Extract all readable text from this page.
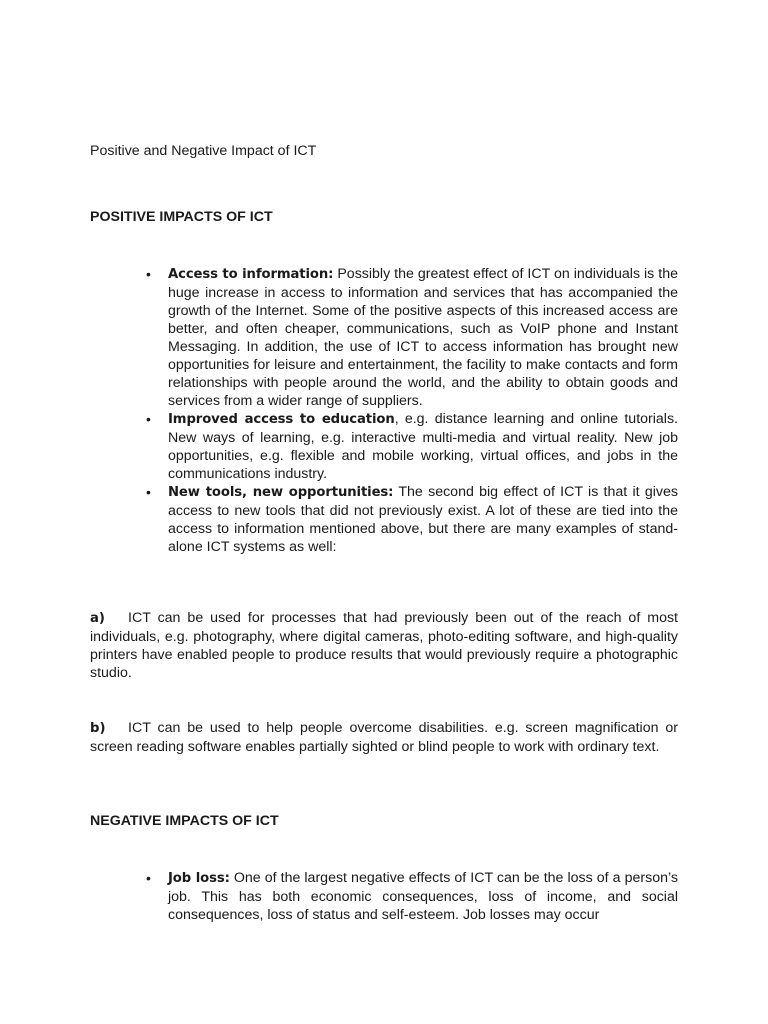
Positive and Negative Impact of ICT

POSITIVE IMPACTS OF ICT

• Access to information: Possibly the greatest effect of ICT on individuals is the huge increase in access to information and services that has accompanied the growth of the Internet. Some of the positive aspects of this increased access are better, and often cheaper, communications, such as VoIP phone and Instant Messaging. In addition, the use of ICT to access information has brought new opportunities for leisure and entertainment, the facility to make contacts and form relationships with people around the world, and the ability to obtain goods and services from a wider range of suppliers.
• Improved access to education, e.g. distance learning and online tutorials. New ways of learning, e.g. interactive multi-media and virtual reality. New job opportunities, e.g. flexible and mobile working, virtual offices, and jobs in the communications industry.
• New tools, new opportunities: The second big effect of ICT is that it gives access to new tools that did not previously exist. A lot of these are tied into the access to information mentioned above, but there are many examples of stand-alone ICT systems as well:

a) ICT can be used for processes that had previously been out of the reach of most individuals, e.g. photography, where digital cameras, photo-editing software, and high-quality printers have enabled people to produce results that would previously require a photographic studio.

b) ICT can be used to help people overcome disabilities. e.g. screen magnification or screen reading software enables partially sighted or blind people to work with ordinary text.

NEGATIVE IMPACTS OF ICT

• Job loss: One of the largest negative effects of ICT can be the loss of a person’s job. This has both economic consequences, loss of income, and social consequences, loss of status and self-esteem. Job losses may occur
